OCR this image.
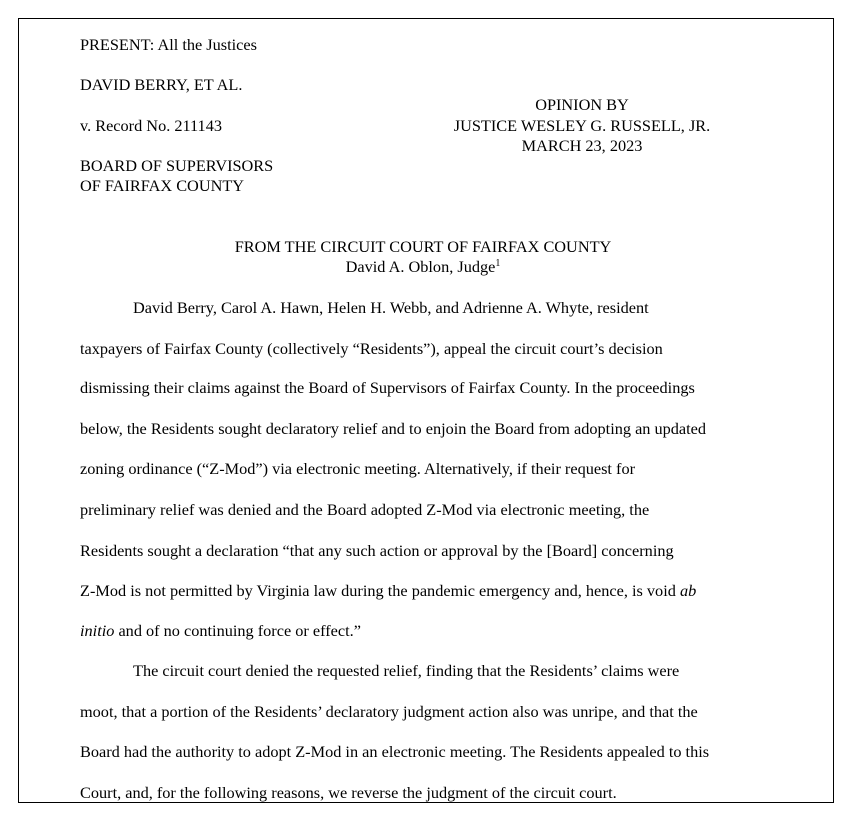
PRESENT: All the Justices
DAVID BERRY, ET AL.
v. Record No. 211143
BOARD OF SUPERVISORS
OF FAIRFAX COUNTY
OPINION BY
JUSTICE WESLEY G. RUSSELL, JR.
MARCH 23, 2023
FROM THE CIRCUIT COURT OF FAIRFAX COUNTY
David A. Oblon, Judge$^1$
David Berry, Carol A. Hawn, Helen H. Webb, and Adrienne A. Whyte, resident
taxpayers of Fairfax County (collectively “Residents”), appeal the circuit court’s decision
dismissing their claims against the Board of Supervisors of Fairfax County. In the proceedings
below, the Residents sought declaratory relief and to enjoin the Board from adopting an updated
zoning ordinance (“Z-Mod”) via electronic meeting. Alternatively, if their request for
preliminary relief was denied and the Board adopted Z-Mod via electronic meeting, the
Residents sought a declaration “that any such action or approval by the [Board] concerning
Z-Mod is not permitted by Virginia law during the pandemic emergency and, hence, is void ab
initio and of no continuing force or effect.”
The circuit court denied the requested relief, finding that the Residents’ claims were
moot, that a portion of the Residents’ declaratory judgment action also was unripe, and that the
Board had the authority to adopt Z-Mod in an electronic meeting. The Residents appealed to this
Court, and, for the following reasons, we reverse the judgment of the circuit court.
